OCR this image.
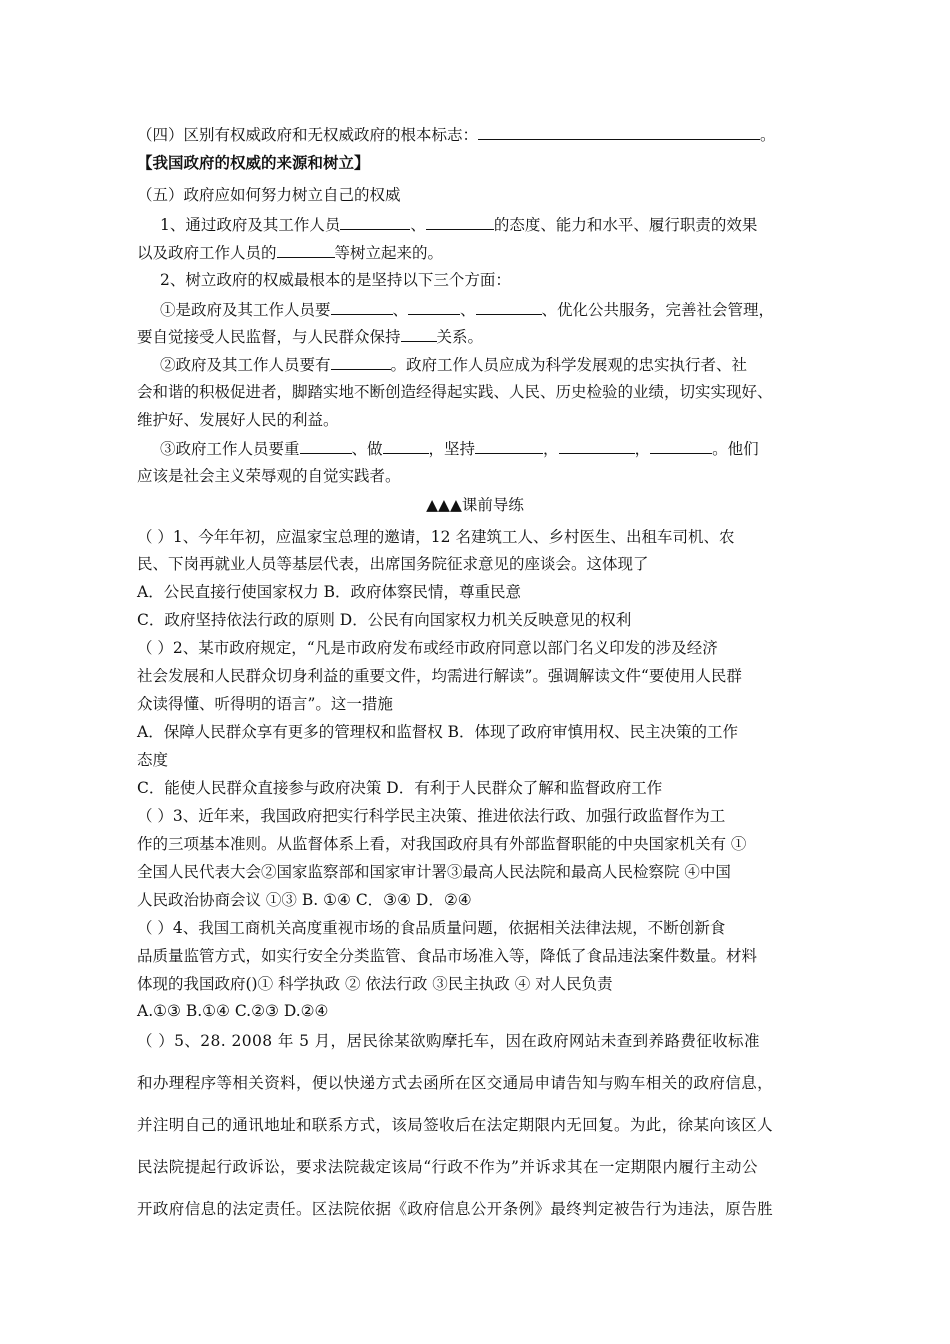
（四）区别有权威政府和无权威政府的根本标志：	。
【我国政府的权威的来源和树立】
（五）政府应如何努力树立自己的权威
1、通过政府及其工作人员	、	的态度、能力和水平、履行职责的效果
以及政府工作人员的	等树立起来的。
2、树立政府的权威最根本的是坚持以下三个方面：
①是政府及其工作人员要	、	、	、优化公共服务，完善社会管理，
要自觉接受人民监督，与人民群众保持 关系。
②政府及其工作人员要有	。政府工作人员应成为科学发展观的忠实执行者、社
会和谐的积极促进者，脚踏实地不断创造经得起实践、人民、历史检验的业绩，切实实现好、
维护好、发展好人民的利益。
③政府工作人员要重	、做	，坚持	，	，	。他们
应该是社会主义荣辱观的自觉实践者。
▲▲▲课前导练
（ ）1、今年年初，应温家宝总理的邀请，12 名建筑工人、乡村医生、出租车司机、农
民、下岗再就业人员等基层代表，出席国务院征求意见的座谈会。这体现了
A．公民直接行使国家权力 B．政府体察民情，尊重民意
C．政府坚持依法行政的原则 D．公民有向国家权力机关反映意见的权利
（ ）2、某市政府规定，“凡是市政府发布或经市政府同意以部门名义印发的涉及经济
社会发展和人民群众切身利益的重要文件，均需进行解读”。强调解读文件“要使用人民群
众读得懂、听得明的语言”。这一措施
A．保障人民群众享有更多的管理权和监督权 B．体现了政府审慎用权、民主决策的工作
态度
C．能使人民群众直接参与政府决策 D．有利于人民群众了解和监督政府工作
（ ）3、近年来，我国政府把实行科学民主决策、推进依法行政、加强行政监督作为工
作的三项基本准则。从监督体系上看，对我国政府具有外部监督职能的中央国家机关有 ①
全国人民代表大会②国家监察部和国家审计署③最高人民法院和最高人民检察院 ④中国
人民政治协商会议 ①③ B. ①④ C．③④ D．②④
（ ）4、我国工商机关高度重视市场的食品质量问题，依据相关法律法规，不断创新食
品质量监管方式，如实行安全分类监管、食品市场准入等，降低了食品违法案件数量。材料
体现的我国政府()① 科学执政 ② 依法行政 ③民主执政 ④ 对人民负责
A.①③ B.①④ C.②③ D.②④
（ ）5、28. 2008 年 5 月，居民徐某欲购摩托车，因在政府网站未查到养路费征收标准
和办理程序等相关资料，便以快递方式去函所在区交通局申请告知与购车相关的政府信息，
并注明自己的通讯地址和联系方式，该局签收后在法定期限内无回复。为此，徐某向该区人
民法院提起行政诉讼，要求法院裁定该局“行政不作为”并诉求其在一定期限内履行主动公
开政府信息的法定责任。区法院依据《政府信息公开条例》最终判定被告行为违法，原告胜
